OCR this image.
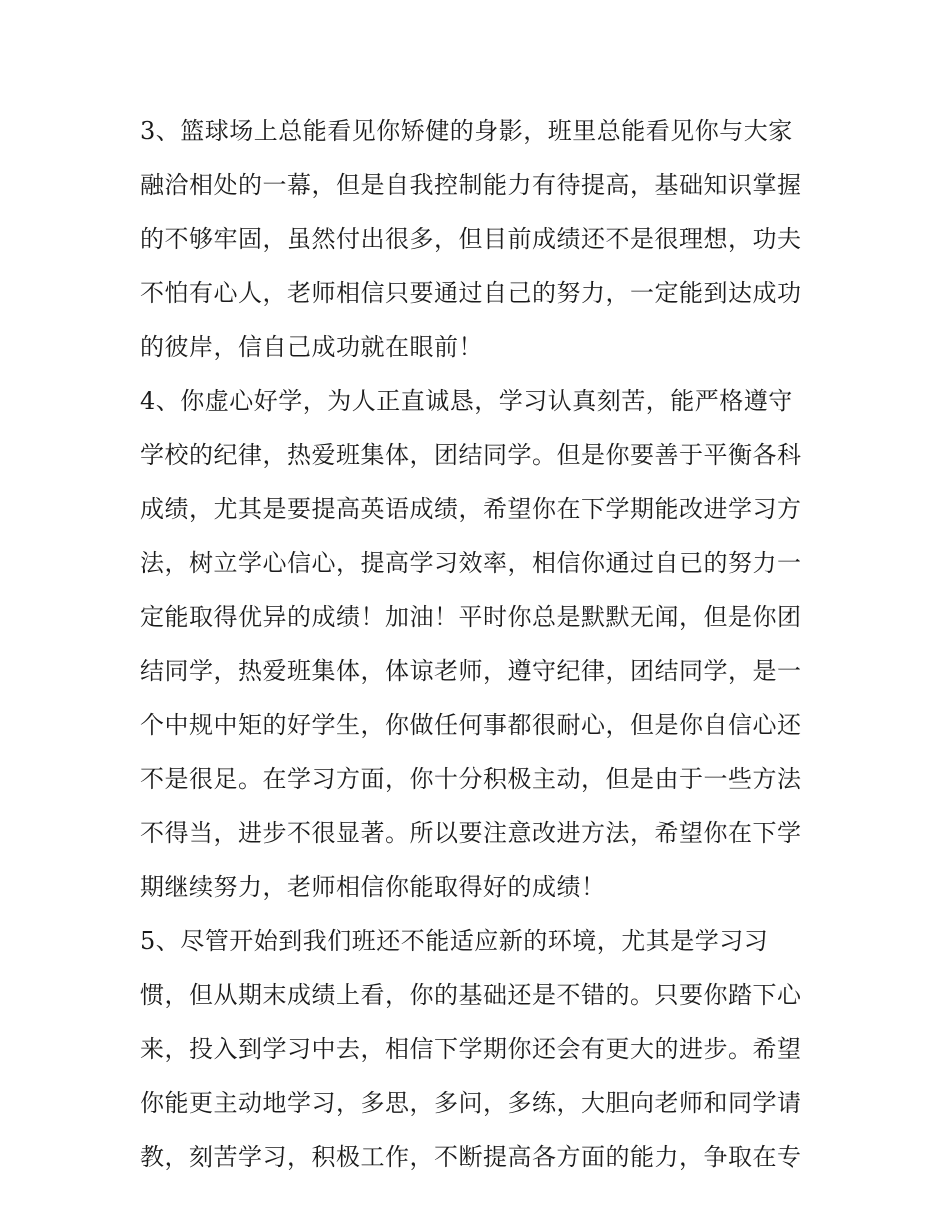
3、篮球场上总能看见你矫健的身影，班里总能看见你与大家
融洽相处的一幕，但是自我控制能力有待提高，基础知识掌握
的不够牢固，虽然付出很多，但目前成绩还不是很理想，功夫
不怕有心人，老师相信只要通过自己的努力，一定能到达成功
的彼岸，信自己成功就在眼前！
4、你虚心好学，为人正直诚恳，学习认真刻苦，能严格遵守
学校的纪律，热爱班集体，团结同学。但是你要善于平衡各科
成绩，尤其是要提高英语成绩，希望你在下学期能改进学习方
法，树立学心信心，提高学习效率，相信你通过自已的努力一
定能取得优异的成绩！加油！平时你总是默默无闻，但是你团
结同学，热爱班集体，体谅老师，遵守纪律，团结同学，是一
个中规中矩的好学生，你做任何事都很耐心，但是你自信心还
不是很足。在学习方面，你十分积极主动，但是由于一些方法
不得当，进步不很显著。所以要注意改进方法，希望你在下学
期继续努力，老师相信你能取得好的成绩！
5、尽管开始到我们班还不能适应新的环境，尤其是学习习
惯，但从期末成绩上看，你的基础还是不错的。只要你踏下心
来，投入到学习中去，相信下学期你还会有更大的进步。希望
你能更主动地学习，多思，多问，多练，大胆向老师和同学请
教，刻苦学习，积极工作，不断提高各方面的能力，争取在专
